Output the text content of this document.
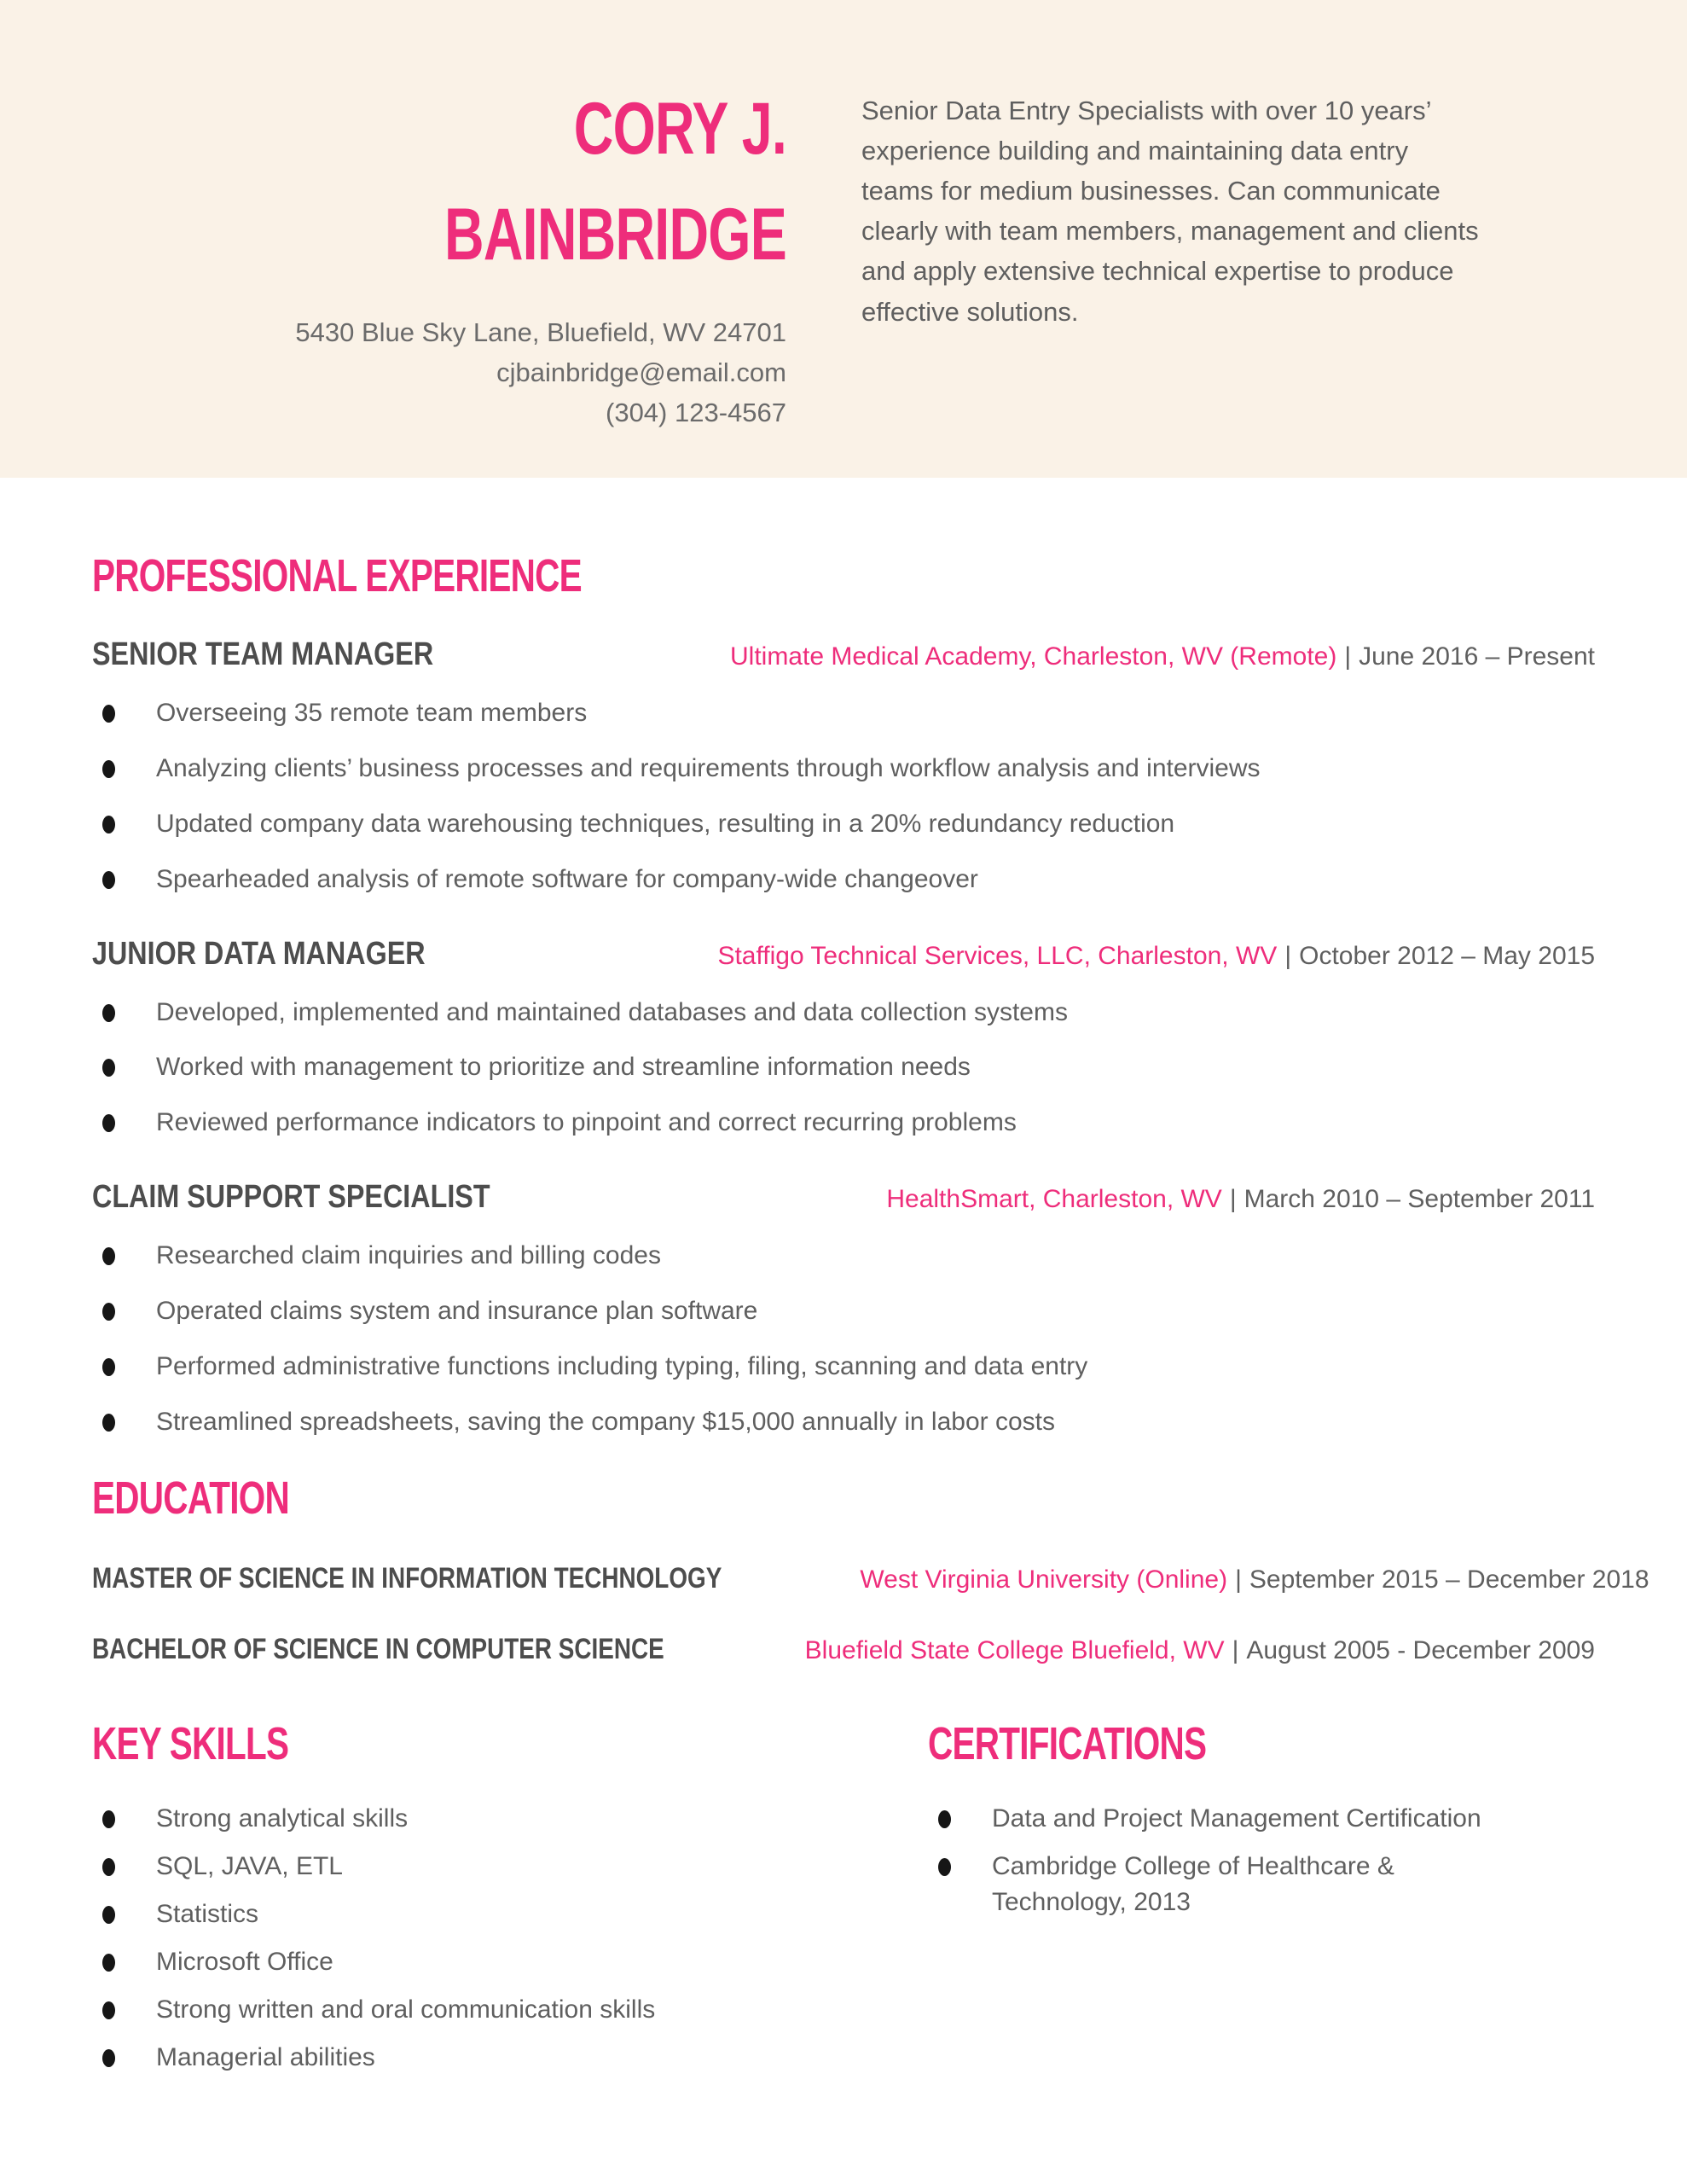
CORY J.
BAINBRIDGE
5430 Blue Sky Lane, Bluefield, WV 24701
cjbainbridge@email.com
(304) 123-4567

Senior Data Entry Specialists with over 10 years’ experience building and maintaining data entry teams for medium businesses. Can communicate clearly with team members, management and clients and apply extensive technical expertise to produce effective solutions.

PROFESSIONAL EXPERIENCE
SENIOR TEAM MANAGER	Ultimate Medical Academy, Charleston, WV (Remote) | June 2016 – Present

Overseeing 35 remote team members
Analyzing clients’ business processes and requirements through workflow analysis and interviews
Updated company data warehousing techniques, resulting in a 20% redundancy reduction
Spearheaded analysis of remote software for company-wide changeover
JUNIOR DATA MANAGER	Staffigo Technical Services, LLC, Charleston, WV | October 2012 – May 2015

Developed, implemented and maintained databases and data collection systems
Worked with management to prioritize and streamline information needs
Reviewed performance indicators to pinpoint and correct recurring problems
CLAIM SUPPORT SPECIALIST	HealthSmart, Charleston, WV | March 2010 – September 2011

Researched claim inquiries and billing codes
Operated claims system and insurance plan software
Performed administrative functions including typing, filing, scanning and data entry
Streamlined spreadsheets, saving the company $15,000 annually in labor costs
EDUCATION
MASTER OF SCIENCE IN INFORMATION TECHNOLOGY	West Virginia University (Online) | September 2015 – December 2018

BACHELOR OF SCIENCE IN COMPUTER SCIENCE	Bluefield State College Bluefield, WV | August 2005 - December 2009

KEY SKILLS
Strong analytical skills
SQL, JAVA, ETL
Statistics
Microsoft Office
Strong written and oral communication skills
Managerial abilities
CERTIFICATIONS
Data and Project Management Certification
Cambridge College of Healthcare & Technology, 2013
